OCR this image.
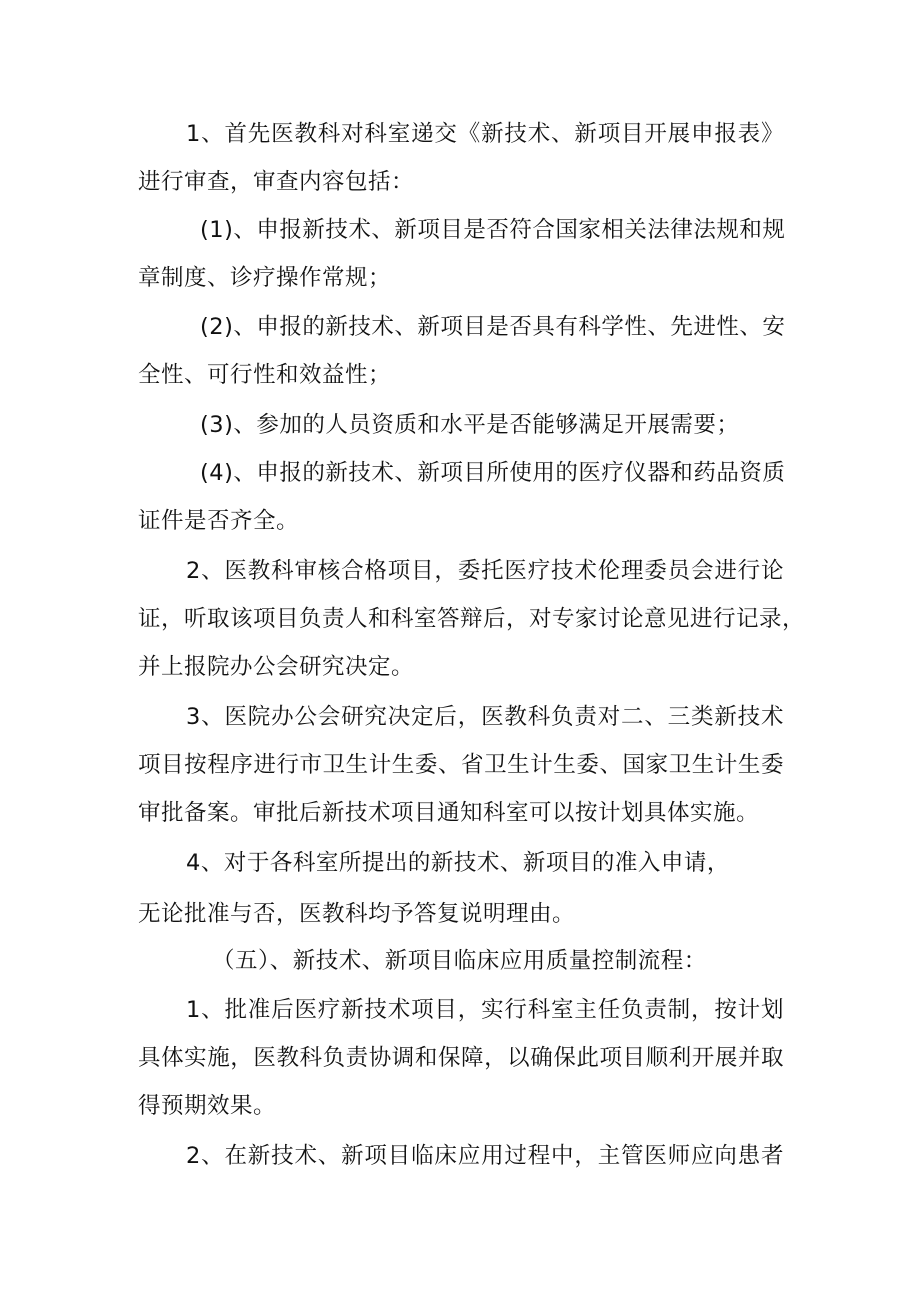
1、首先医教科对科室递交《新技术、新项目开展申报表》
进行审查，审查内容包括：
(1)、申报新技术、新项目是否符合国家相关法律法规和规
章制度、诊疗操作常规；
(2)、申报的新技术、新项目是否具有科学性、先进性、安
全性、可行性和效益性；
(3)、参加的人员资质和水平是否能够满足开展需要；
(4)、申报的新技术、新项目所使用的医疗仪器和药品资质
证件是否齐全。
2、医教科审核合格项目，委托医疗技术伦理委员会进行论
证，听取该项目负责人和科室答辩后，对专家讨论意见进行记录，
并上报院办公会研究决定。
3、医院办公会研究决定后，医教科负责对二、三类新技术
项目按程序进行市卫生计生委、省卫生计生委、国家卫生计生委
审批备案。审批后新技术项目通知科室可以按计划具体实施。
4、对于各科室所提出的新技术、新项目的准入申请，
无论批准与否，医教科均予答复说明理由。
（五）、新技术、新项目临床应用质量控制流程：
1、批准后医疗新技术项目，实行科室主任负责制，按计划
具体实施，医教科负责协调和保障，以确保此项目顺利开展并取
得预期效果。
2、在新技术、新项目临床应用过程中，主管医师应向患者
